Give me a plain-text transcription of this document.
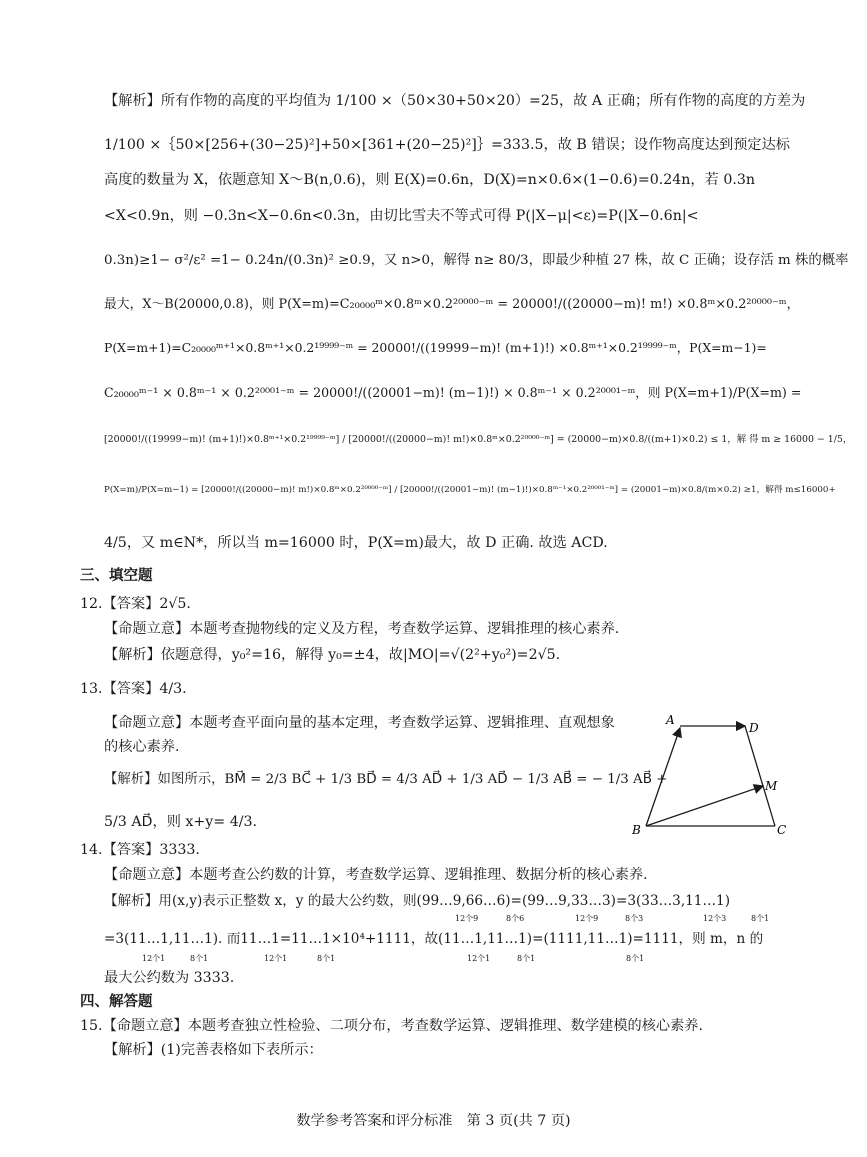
【解析】所有作物的高度的平均值为 1/100 ×（50×30+50×20）=25，故 A 正确；所有作物的高度的方差为
1/100 ×｛50×[256+(30−25)²]+50×[361+(20−25)²]｝=333.5，故 B 错误；设作物高度达到预定达标
高度的数量为 X，依题意知 X～B(n,0.6)，则 E(X)=0.6n，D(X)=n×0.6×(1−0.6)=0.24n，若 0.3n
<X<0.9n，则 −0.3n<X−0.6n<0.3n，由切比雪夫不等式可得 P(|X−μ|<ε)=P(|X−0.6n|<
0.3n)≥1− σ²/ε² =1− 0.24n/(0.3n)² ≥0.9，又 n>0，解得 n≥ 80/3，即最少种植 27 株，故 C 正确；设存活 m 株的概率
最大，X～B(20000,0.8)，则 P(X=m)=C₂₀₀₀₀ᵐ×0.8ᵐ×0.2²⁰⁰⁰⁰⁻ᵐ = 20000!/((20000−m)! m!) ×0.8ᵐ×0.2²⁰⁰⁰⁰⁻ᵐ，
P(X=m+1)=C₂₀₀₀₀ᵐ⁺¹×0.8ᵐ⁺¹×0.2¹⁹⁹⁹⁹⁻ᵐ = 20000!/((19999−m)! (m+1)!) ×0.8ᵐ⁺¹×0.2¹⁹⁹⁹⁹⁻ᵐ，P(X=m−1)=
C₂₀₀₀₀ᵐ⁻¹ × 0.8ᵐ⁻¹ × 0.2²⁰⁰⁰¹⁻ᵐ = 20000!/((20001−m)! (m−1)!) × 0.8ᵐ⁻¹ × 0.2²⁰⁰⁰¹⁻ᵐ，则 P(X=m+1)/P(X=m) =
[20000!/((19999−m)! (m+1)!)×0.8ᵐ⁺¹×0.2¹⁹⁹⁹⁹⁻ᵐ] / [20000!/((20000−m)! m!)×0.8ᵐ×0.2²⁰⁰⁰⁰⁻ᵐ] = (20000−m)×0.8/((m+1)×0.2) ≤ 1，解 得 m ≥ 16000 − 1/5，
P(X=m)/P(X=m−1) = [20000!/((20000−m)! m!)×0.8ᵐ×0.2²⁰⁰⁰⁰⁻ᵐ] / [20000!/((20001−m)! (m−1)!)×0.8ᵐ⁻¹×0.2²⁰⁰⁰¹⁻ᵐ] = (20001−m)×0.8/(m×0.2) ≥1，解得 m≤16000+
4/5，又 m∈N*，所以当 m=16000 时，P(X=m)最大，故 D 正确. 故选 ACD.
三、填空题
12.【答案】2√5.
【命题立意】本题考查抛物线的定义及方程，考查数学运算、逻辑推理的核心素养.
【解析】依题意得，y₀²=16，解得 y₀=±4，故|MO|=√(2²+y₀²)=2√5.
13.【答案】4/3.
【命题立意】本题考查平面向量的基本定理，考查数学运算、逻辑推理、直观想象
的核心素养.
【解析】如图所示，BM⃗ = 2/3 BC⃗ + 1/3 BD⃗ = 4/3 AD⃗ + 1/3 AD⃗ − 1/3 AB⃗ = − 1/3 AB⃗ +
5/3 AD⃗，则 x+y= 4/3.
14.【答案】3333.
【命题立意】本题考查公约数的计算，考查数学运算、逻辑推理、数据分析的核心素养.
【解析】用(x,y)表示正整数 x，y 的最大公约数，则(99…9,66…6)=(99…9,33…3)=3(33…3,11…1)
12个9	8个6	12个9	8个3	12个3	8个1
=3(11…1,11…1). 而11…1=11…1×10⁴+1111，故(11…1,11…1)=(1111,11…1)=1111，则 m，n 的
12个1	8个1	12个1	8个1	12个1	8个1	8个1
最大公约数为 3333.
四、解答题
15.【命题立意】本题考查独立性检验、二项分布，考查数学运算、逻辑推理、数学建模的核心素养.
【解析】(1)完善表格如下表所示：
A
D
M
B	C
数学参考答案和评分标准　第 3 页(共 7 页)
